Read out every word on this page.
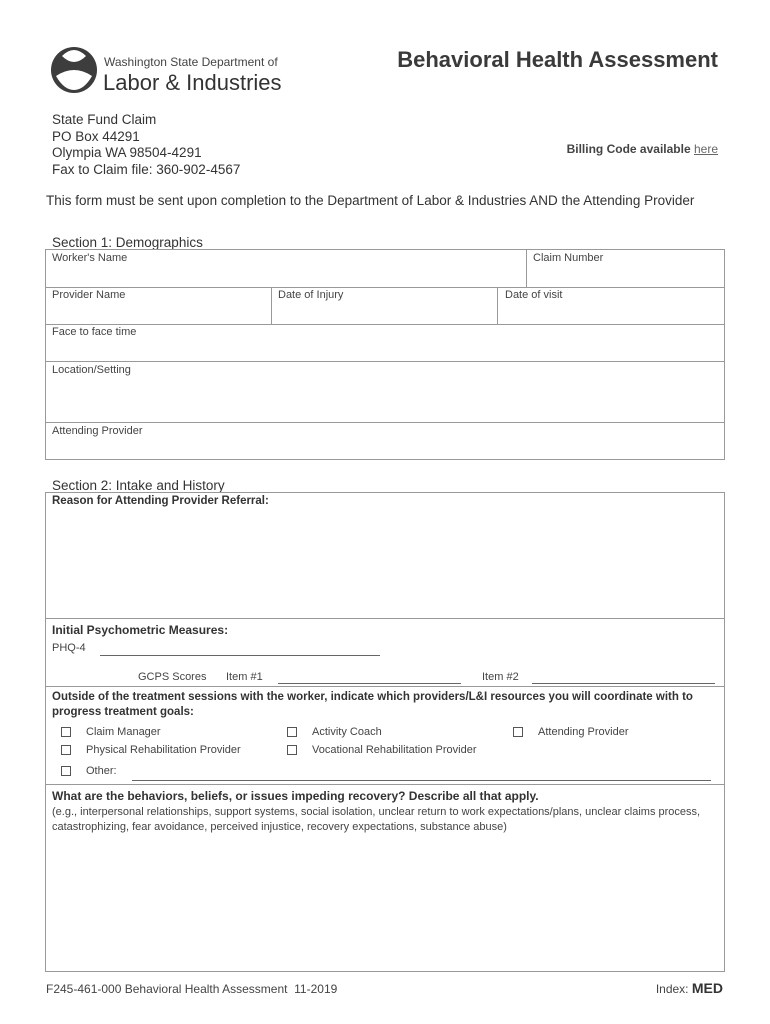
Washington State Department of
Labor & Industries
Behavioral Health Assessment
State Fund Claim
PO Box 44291
Olympia WA 98504-4291
Fax to Claim file: 360-902-4567
Billing Code available here
This form must be sent upon completion to the Department of Labor & Industries AND the Attending Provider
Section 1: Demographics
Worker's Name	Claim Number
Provider Name	Date of Injury	Date of visit
Face to face time
Location/Setting
Attending Provider
Section 2: Intake and History
Reason for Attending Provider Referral:
Initial Psychometric Measures:
PHQ-4
GCPS Scores Item #1	Item #2
Outside of the treatment sessions with the worker, indicate which providers/L&I resources you will coordinate with to progress treatment goals:
Claim Manager	Activity Coach	Attending Provider
Physical Rehabilitation Provider	Vocational Rehabilitation Provider
Other:
What are the behaviors, beliefs, or issues impeding recovery? Describe all that apply.
(e.g., interpersonal relationships, support systems, social isolation, unclear return to work expectations/plans, unclear claims process, catastrophizing, fear avoidance, perceived injustice, recovery expectations, substance abuse)
F245-461-000 Behavioral Health Assessment  11-2019	Index: MED
